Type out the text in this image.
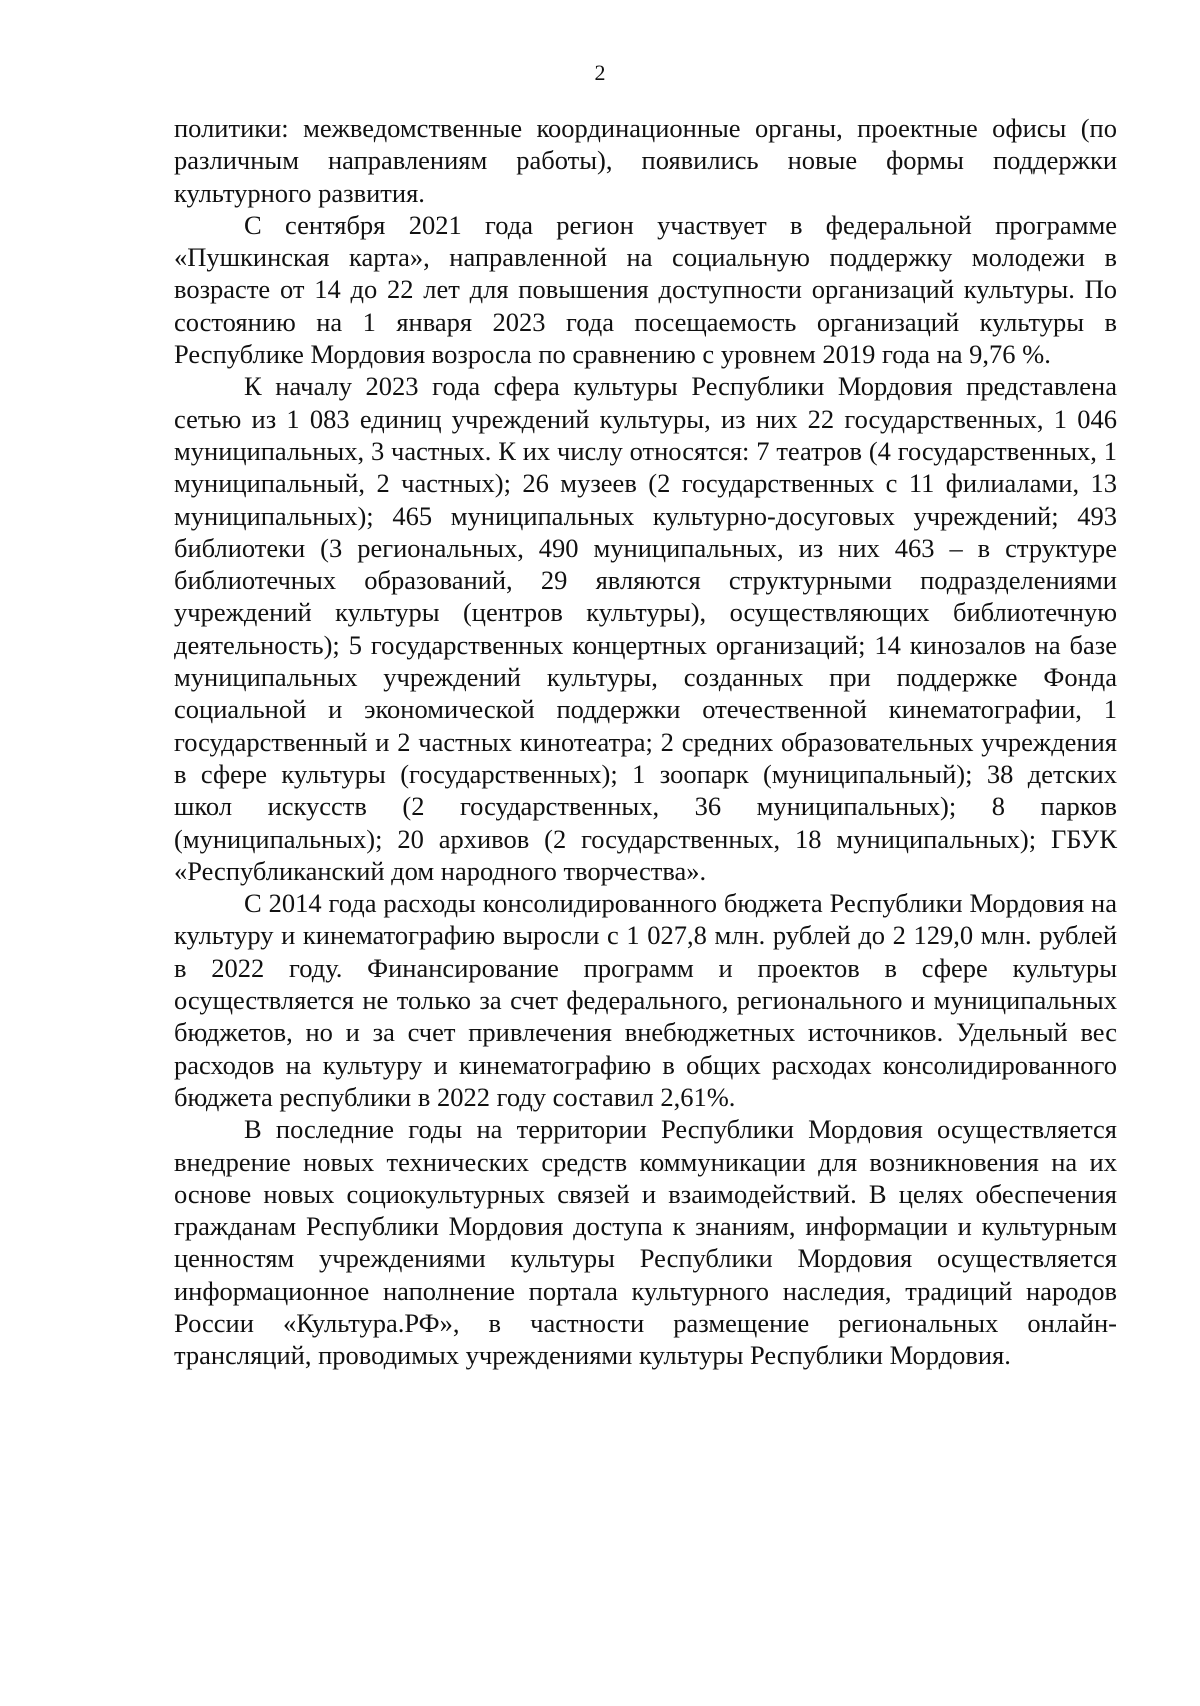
2

политики: межведомственные координационные органы, проектные офисы (по различным направлениям работы), появились новые формы поддержки культурного развития.

С сентября 2021 года регион участвует в федеральной программе «Пушкинская карта», направленной на социальную поддержку молодежи в возрасте от 14 до 22 лет для повышения доступности организаций культуры. По состоянию на 1 января 2023 года посещаемость организаций культуры в Республике Мордовия возросла по сравнению с уровнем 2019 года на 9,76 %.

К началу 2023 года сфера культуры Республики Мордовия представлена сетью из 1 083 единиц учреждений культуры, из них 22 государственных, 1 046 муниципальных, 3 частных. К их числу относятся: 7 театров (4 государственных, 1 муниципальный, 2 частных); 26 музеев (2 государственных с 11 филиалами, 13 муниципальных); 465 муниципальных культурно-досуговых учреждений; 493 библиотеки (3 региональных, 490 муниципальных, из них 463 – в структуре библиотечных образований, 29 являются структурными подразделениями учреждений культуры (центров культуры), осуществляющих библиотечную деятельность); 5 государственных концертных организаций; 14 кинозалов на базе муниципальных учреждений культуры, созданных при поддержке Фонда социальной и экономической поддержки отечественной кинематографии, 1 государственный и 2 частных кинотеатра; 2 средних образовательных учреждения в сфере культуры (государственных); 1 зоопарк (муниципальный); 38 детских школ искусств (2 государственных, 36 муниципальных); 8 парков (муниципальных); 20 архивов (2 государственных, 18 муниципальных); ГБУК «Республиканский дом народного творчества».

С 2014 года расходы консолидированного бюджета Республики Мордовия на культуру и кинематографию выросли с 1 027,8 млн. рублей до 2 129,0 млн. рублей в 2022 году. Финансирование программ и проектов в сфере культуры осуществляется не только за счет федерального, регионального и муниципальных бюджетов, но и за счет привлечения внебюджетных источников. Удельный вес расходов на культуру и кинематографию в общих расходах консолидированного бюджета республики в 2022 году составил 2,61%.

В последние годы на территории Республики Мордовия осуществляется внедрение новых технических средств коммуникации для возникновения на их основе новых социокультурных связей и взаимодействий. В целях обеспечения гражданам Республики Мордовия доступа к знаниям, информации и культурным ценностям учреждениями культуры Республики Мордовия осуществляется информационное наполнение портала культурного наследия, традиций народов России «Культура.РФ», в частности размещение региональных онлайн-трансляций, проводимых учреждениями культуры Республики Мордовия.
